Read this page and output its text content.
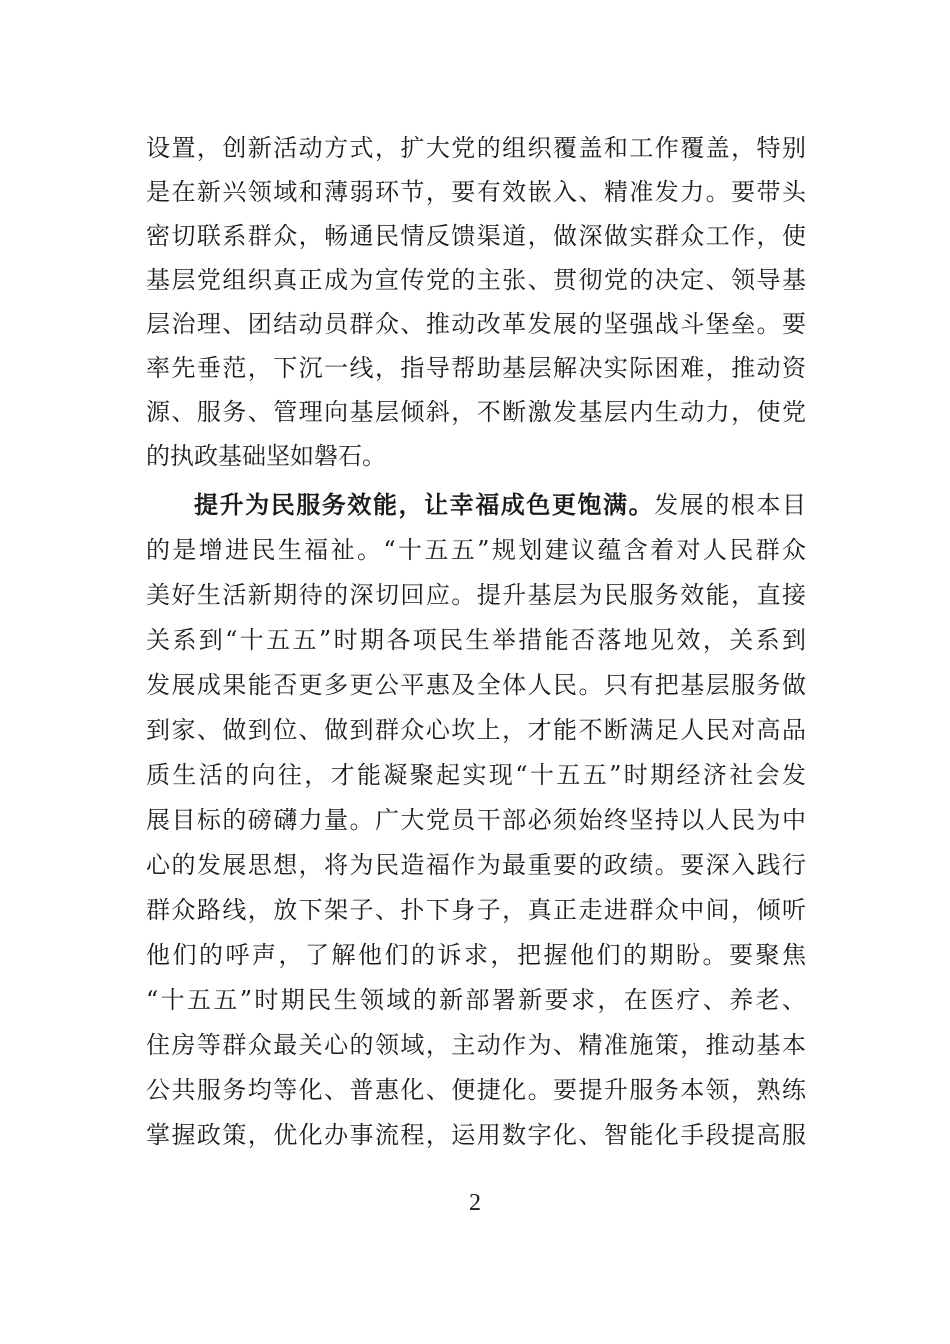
设置，创新活动方式，扩大党的组织覆盖和工作覆盖，特别
是在新兴领域和薄弱环节，要有效嵌入、精准发力。要带头
密切联系群众，畅通民情反馈渠道，做深做实群众工作，使
基层党组织真正成为宣传党的主张、贯彻党的决定、领导基
层治理、团结动员群众、推动改革发展的坚强战斗堡垒。要
率先垂范，下沉一线，指导帮助基层解决实际困难，推动资
源、服务、管理向基层倾斜，不断激发基层内生动力，使党
的执政基础坚如磐石。
提升为民服务效能，让幸福成色更饱满。发展的根本目
的是增进民生福祉。“十五五”规划建议蕴含着对人民群众
美好生活新期待的深切回应。提升基层为民服务效能，直接
关系到“十五五”时期各项民生举措能否落地见效，关系到
发展成果能否更多更公平惠及全体人民。只有把基层服务做
到家、做到位、做到群众心坎上，才能不断满足人民对高品
质生活的向往，才能凝聚起实现“十五五”时期经济社会发
展目标的磅礴力量。广大党员干部必须始终坚持以人民为中
心的发展思想，将为民造福作为最重要的政绩。要深入践行
群众路线，放下架子、扑下身子，真正走进群众中间，倾听
他们的呼声，了解他们的诉求，把握他们的期盼。要聚焦
“十五五”时期民生领域的新部署新要求，在医疗、养老、
住房等群众最关心的领域，主动作为、精准施策，推动基本
公共服务均等化、普惠化、便捷化。要提升服务本领，熟练
掌握政策，优化办事流程，运用数字化、智能化手段提高服
2
